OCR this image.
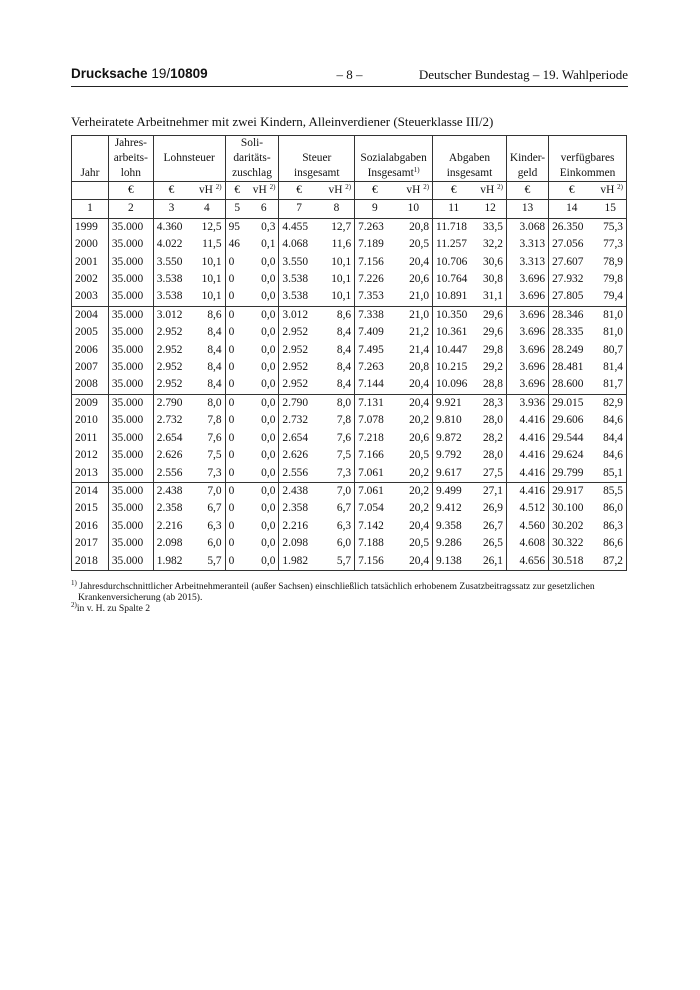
Drucksache 19/10809	– 8 –	Deutscher Bundestag – 19. Wahlperiode
Verheiratete Arbeitnehmer mit zwei Kindern, Alleinverdiener (Steuerklasse III/2)
	Jahres-			Soli-										
	arbeits-	Lohnsteuer		daritäts-		Steuer		Sozialabgaben		Abgaben		Kinder-	verfügbares	
Jahr	lohn			zuschlag		insgesamt		Insgesamt$^{1)}$		insgesamt		geld	Einkommen	
	€	€	vH $^{2)}$	€	vH $^{2)}$	€	vH $^{2)}$	€	vH $^{2)}$	€	vH $^{2)}$	€	€	vH $^{2)}$
1	2	3	4	5	6	7	8	9	10	11	12	13	14	15
1999	35.000	4.360	12,5	95	0,3	4.455	12,7	7.263	20,8	11.718	33,5	3.068	26.350	75,3
2000	35.000	4.022	11,5	46	0,1	4.068	11,6	7.189	20,5	11.257	32,2	3.313	27.056	77,3
2001	35.000	3.550	10,1	0	0,0	3.550	10,1	7.156	20,4	10.706	30,6	3.313	27.607	78,9
2002	35.000	3.538	10,1	0	0,0	3.538	10,1	7.226	20,6	10.764	30,8	3.696	27.932	79,8
2003	35.000	3.538	10,1	0	0,0	3.538	10,1	7.353	21,0	10.891	31,1	3.696	27.805	79,4
2004	35.000	3.012	8,6	0	0,0	3.012	8,6	7.338	21,0	10.350	29,6	3.696	28.346	81,0
2005	35.000	2.952	8,4	0	0,0	2.952	8,4	7.409	21,2	10.361	29,6	3.696	28.335	81,0
2006	35.000	2.952	8,4	0	0,0	2.952	8,4	7.495	21,4	10.447	29,8	3.696	28.249	80,7
2007	35.000	2.952	8,4	0	0,0	2.952	8,4	7.263	20,8	10.215	29,2	3.696	28.481	81,4
2008	35.000	2.952	8,4	0	0,0	2.952	8,4	7.144	20,4	10.096	28,8	3.696	28.600	81,7
2009	35.000	2.790	8,0	0	0,0	2.790	8,0	7.131	20,4	9.921	28,3	3.936	29.015	82,9
2010	35.000	2.732	7,8	0	0,0	2.732	7,8	7.078	20,2	9.810	28,0	4.416	29.606	84,6
2011	35.000	2.654	7,6	0	0,0	2.654	7,6	7.218	20,6	9.872	28,2	4.416	29.544	84,4
2012	35.000	2.626	7,5	0	0,0	2.626	7,5	7.166	20,5	9.792	28,0	4.416	29.624	84,6
2013	35.000	2.556	7,3	0	0,0	2.556	7,3	7.061	20,2	9.617	27,5	4.416	29.799	85,1
2014	35.000	2.438	7,0	0	0,0	2.438	7,0	7.061	20,2	9.499	27,1	4.416	29.917	85,5
2015	35.000	2.358	6,7	0	0,0	2.358	6,7	7.054	20,2	9.412	26,9	4.512	30.100	86,0
2016	35.000	2.216	6,3	0	0,0	2.216	6,3	7.142	20,4	9.358	26,7	4.560	30.202	86,3
2017	35.000	2.098	6,0	0	0,0	2.098	6,0	7.188	20,5	9.286	26,5	4.608	30.322	86,6
2018	35.000	1.982	5,7	0	0,0	1.982	5,7	7.156	20,4	9.138	26,1	4.656	30.518	87,2

$^{1)}$ Jahresdurchschnittlicher Arbeitnehmeranteil (außer Sachsen) einschließlich tatsächlich erhobenem Zusatzbeitragssatz zur gesetzlichen

Krankenversicherung (ab 2015).

$^{2)}$in v. H. zu Spalte 2
